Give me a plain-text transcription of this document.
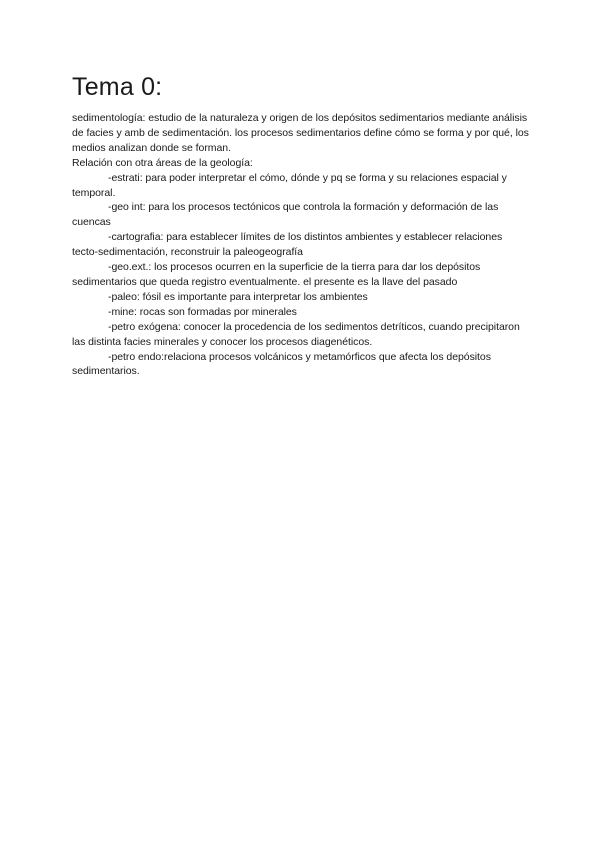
Tema 0:

sedimentología: estudio de la naturaleza y origen de los depósitos sedimentarios mediante análisis de facies y amb de sedimentación. los procesos sedimentarios define cómo se forma y por qué, los medios analizan donde se forman.

Relación con otra áreas de la geología:

-estrati: para poder interpretar el cómo, dónde y pq se forma y su relaciones espacial y temporal.

-geo int: para los procesos tectónicos que controla la formación y deformación de las cuencas

-cartografia: para establecer límites de los distintos ambientes y establecer relaciones tecto-sedimentación, reconstruir la paleogeografía

-geo.ext.: los procesos ocurren en la superficie de la tierra para dar los depósitos sedimentarios que queda registro eventualmente. el presente es la llave del pasado

-paleo: fósil es importante para interpretar los ambientes

-mine: rocas son formadas por minerales

-petro exógena: conocer la procedencia de los sedimentos detríticos, cuando precipitaron las distinta facies minerales y conocer los procesos diagenéticos.

-petro endo:relaciona procesos volcánicos y metamórficos que afecta los depósitos sedimentarios.
